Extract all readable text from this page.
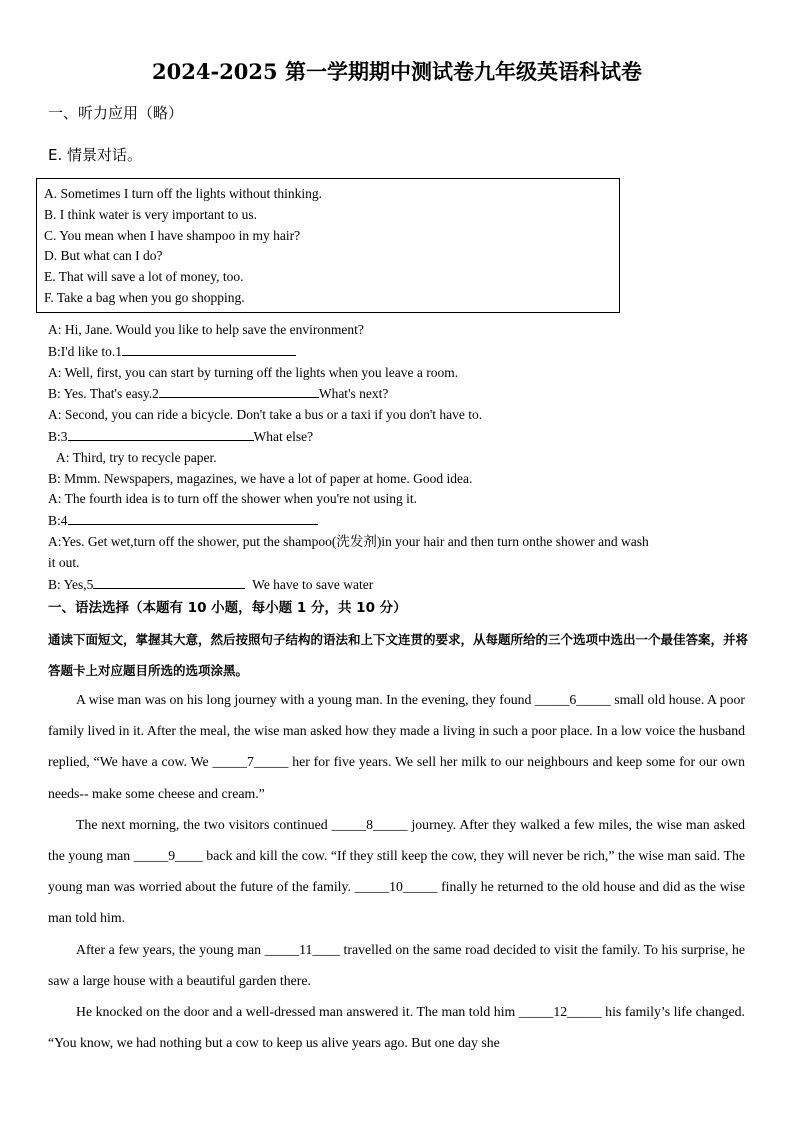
2024-2025 第一学期期中测试卷九年级英语科试卷
一、听力应用（略）
E. 情景对话。
A. Sometimes I turn off the lights without thinking.
B. I think water is very important to us.
C. You mean when I have shampoo in my hair?
D. But what can I do?
E. That will save a lot of money, too.
F. Take a bag when you go shopping.
A: Hi, Jane. Would you like to help save the environment?
B:I'd like to.1
A: Well, first, you can start by turning off the lights when you leave a room.
B: Yes. That's easy.2	What's next?
A: Second, you can ride a bicycle. Don't take a bus or a taxi if you don't have to.
B:3	What else?
A: Third, try to recycle paper.
B: Mmm. Newspapers, magazines, we have a lot of paper at home. Good idea.
A: The fourth idea is to turn off the shower when you're not using it.
B:4
A:Yes. Get wet,turn off the shower, put the shampoo(洗发剂)in your hair and then turn onthe shower and wash it out.
B: Yes,5	We have to save water
一、语法选择（本题有 10 小题，每小题 1 分，共 10 分）
通读下面短文，掌握其大意，然后按照句子结构的语法和上下文连贯的要求，从每题所给的三个选项中选出一个最佳答案，并将答题卡上对应题目所选的选项涂黑。

A wise man was on his long journey with a young man. In the evening, they found _____6_____ small old house. A poor family lived in it. After the meal, the wise man asked how they made a living in such a poor place. In a low voice the husband replied, “We have a cow. We _____7_____ her for five years. We sell her milk to our neighbours and keep some for our own needs-- make some cheese and cream.”

The next morning, the two visitors continued _____8_____ journey. After they walked a few miles, the wise man asked the young man _____9____ back and kill the cow. “If they still keep the cow, they will never be rich,” the wise man said. The young man was worried about the future of the family. _____10_____ finally he returned to the old house and did as the wise man told him.

After a few years, the young man _____11____ travelled on the same road decided to visit the family. To his surprise, he saw a large house with a beautiful garden there.

He knocked on the door and a well-dressed man answered it. The man told him _____12_____ his family’s life changed. “You know, we had nothing but a cow to keep us alive years ago. But one day she
